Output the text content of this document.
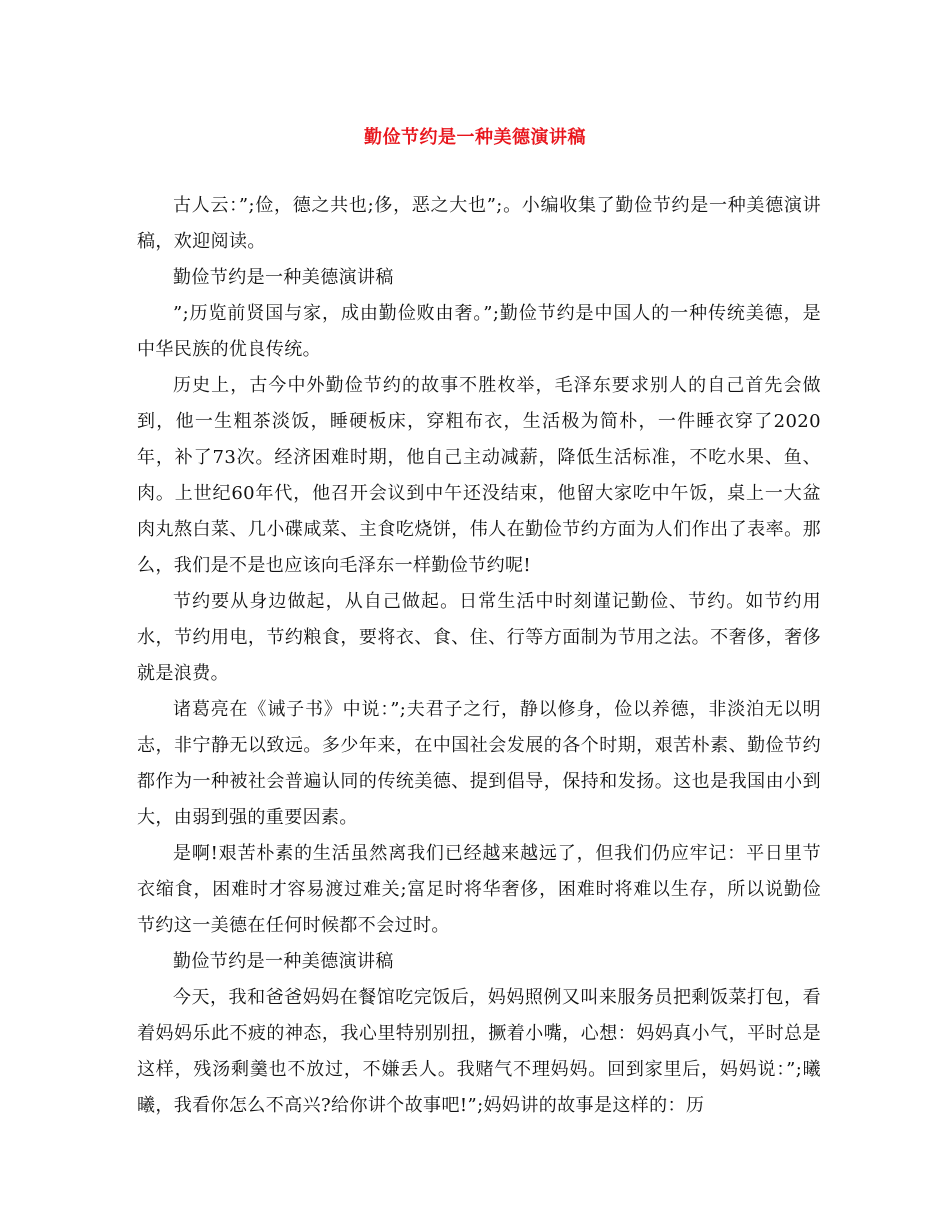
勤俭节约是一种美德演讲稿

古人云：”;俭，德之共也;侈，恶之大也”;。小编收集了勤俭节约是一种美德演讲稿，欢迎阅读。

勤俭节约是一种美德演讲稿

”;历览前贤国与家，成由勤俭败由奢。”;勤俭节约是中国人的一种传统美德，是中华民族的优良传统。

历史上，古今中外勤俭节约的故事不胜枚举，毛泽东要求别人的自己首先会做到，他一生粗茶淡饭，睡硬板床，穿粗布衣，生活极为简朴，一件睡衣穿了2020年，补了73次。经济困难时期，他自己主动减薪，降低生活标准，不吃水果、鱼、肉。上世纪60年代，他召开会议到中午还没结束，他留大家吃中午饭，桌上一大盆肉丸熬白菜、几小碟咸菜、主食吃烧饼，伟人在勤俭节约方面为人们作出了表率。那么，我们是不是也应该向毛泽东一样勤俭节约呢!

节约要从身边做起，从自己做起。日常生活中时刻谨记勤俭、节约。如节约用水，节约用电，节约粮食，要将衣、食、住、行等方面制为节用之法。不奢侈，奢侈就是浪费。

诸葛亮在《诫子书》中说：”;夫君子之行，静以修身，俭以养德，非淡泊无以明志，非宁静无以致远。多少年来，在中国社会发展的各个时期，艰苦朴素、勤俭节约都作为一种被社会普遍认同的传统美德、提到倡导，保持和发扬。这也是我国由小到大，由弱到强的重要因素。

是啊!艰苦朴素的生活虽然离我们已经越来越远了，但我们仍应牢记：平日里节衣缩食，困难时才容易渡过难关;富足时将华奢侈，困难时将难以生存，所以说勤俭节约这一美德在任何时候都不会过时。

勤俭节约是一种美德演讲稿

今天，我和爸爸妈妈在餐馆吃完饭后，妈妈照例又叫来服务员把剩饭菜打包，看着妈妈乐此不疲的神态，我心里特别别扭，撅着小嘴，心想：妈妈真小气，平时总是这样，残汤剩羹也不放过，不嫌丢人。我赌气不理妈妈。回到家里后，妈妈说：”;曦曦，我看你怎么不高兴?给你讲个故事吧!”;妈妈讲的故事是这样的：历
